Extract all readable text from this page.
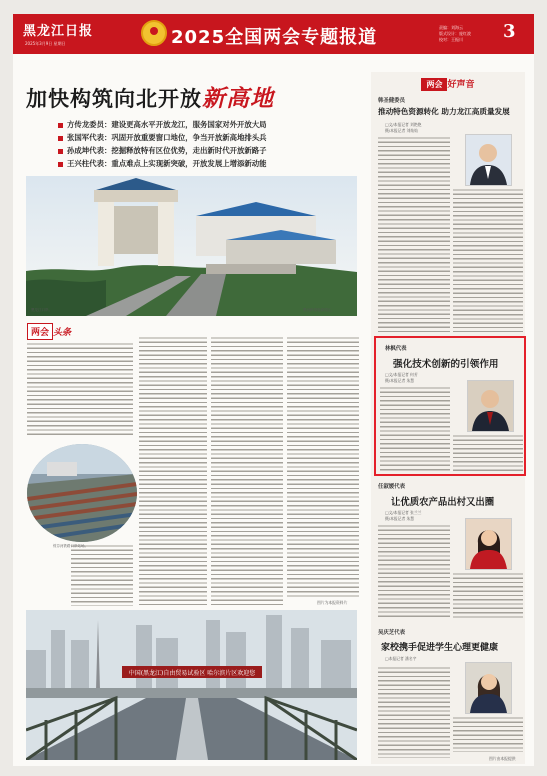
黑龙江日报
2025年3月9日 星期日	2025全国两会专题报道	责编：刘海云
版式设计：庞红波
校对：王振川	3
加快构筑向北开放新高地
方传龙委员：建设更高水平开放龙江，服务国家对外开放大局
张国军代表：巩固开放重要窗口地位，争当开放新高地排头兵
孙成坤代表：挖掘释放特有区位优势，走出新时代开放新路子
王兴柱代表：重点难点上实现新突破，开放发展上增添新动能
黑龙江口岸。	黑河跨境电商园区。
两会 头条
图片为本报资料片
绥芬河铁路口岸站场。
中国(黑龙江)自由贸易试验区 哈尔滨片区欢迎您
两会 好声音
韩圣健委员
推动特色资源转化 助力龙江高质量发展
□文/本报记者 刘艳艳
摄/本报记者 刘灿灿
林枫代表
强化技术创新的引领作用
□文/本报记者 何芳
摄/本报记者 朱慧
任淑媛代表
让优质农产品出村又出圈
□文/本报记者 张兰兰
摄/本报记者 朱慧
吴庆芝代表
家校携手促进学生心理更健康
□本报记者 潘名宇
图片由本报提供
